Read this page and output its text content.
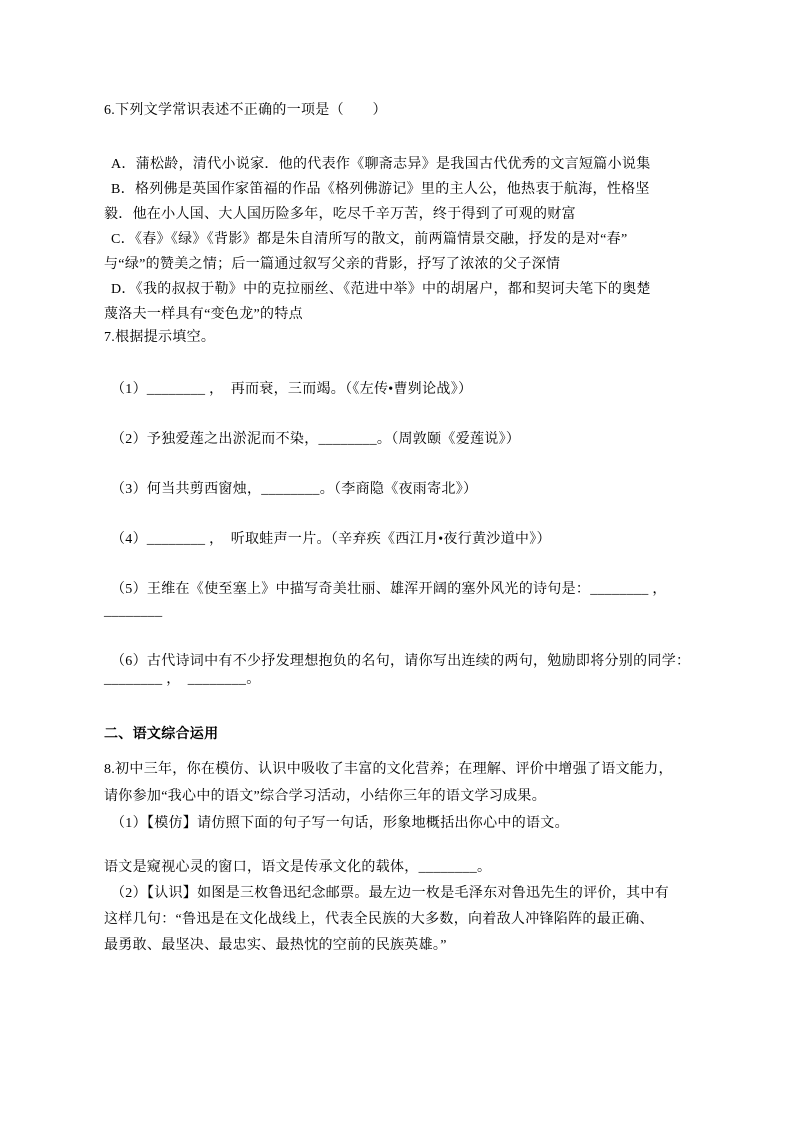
6.下列文学常识表述不正确的一项是（　　）
A．蒲松龄，清代小说家．他的代表作《聊斋志异》是我国古代优秀的文言短篇小说集
B．格列佛是英国作家笛福的作品《格列佛游记》里的主人公，他热衷于航海，性格坚
毅．他在小人国、大人国历险多年，吃尽千辛万苦，终于得到了可观的财富
C．《春》《绿》《背影》都是朱自清所写的散文，前两篇情景交融，抒发的是对“春”
与“绿”的赞美之情；后一篇通过叙写父亲的背影，抒写了浓浓的父子深情
D．《我的叔叔于勒》中的克拉丽丝、《范进中举》中的胡屠户，都和契诃夫笔下的奥楚
蔑洛夫一样具有“变色龙”的特点
7.根据提示填空。
（1）________ ，　再而衰，三而竭。（《左传•曹刿论战》）
（2）予独爱莲之出淤泥而不染，________。（周敦颐《爱莲说》）
（3）何当共剪西窗烛，________。（李商隐《夜雨寄北》）
（4）________ ，　听取蛙声一片。（辛弃疾《西江月•夜行黄沙道中》）
（5）王维在《使至塞上》中描写奇美壮丽、雄浑开阔的塞外风光的诗句是：________ ，
________
（6）古代诗词中有不少抒发理想抱负的名句，请你写出连续的两句，勉励即将分别的同学：
________ ，　________。
二、语文综合运用
8.初中三年，你在模仿、认识中吸收了丰富的文化营养；在理解、评价中增强了语文能力，
请你参加“我心中的语文”综合学习活动，小结你三年的语文学习成果。
（1）【模仿】请仿照下面的句子写一句话，形象地概括出你心中的语文。
语文是窥视心灵的窗口，语文是传承文化的载体，________。
（2）【认识】如图是三枚鲁迅纪念邮票。最左边一枚是毛泽东对鲁迅先生的评价，其中有
这样几句：“鲁迅是在文化战线上，代表全民族的大多数，向着敌人冲锋陷阵的最正确、
最勇敢、最坚决、最忠实、最热忱的空前的民族英雄。”
